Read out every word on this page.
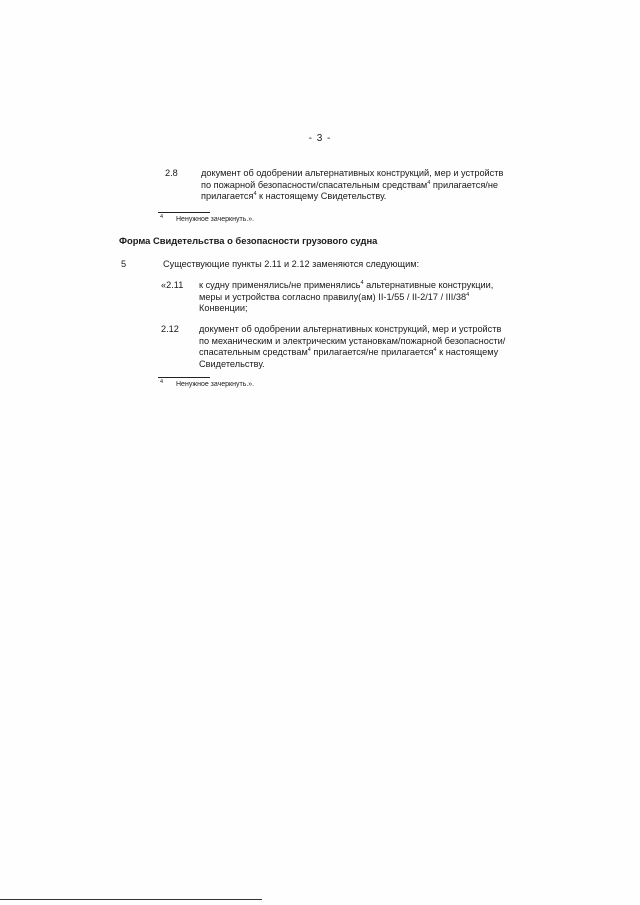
- 3 -
2.8	документ об одобрении альтернативных конструкций, мер и устройств

по пожарной безопасности/спасательным средствам$^4$ прилагается/не

прилагается$^4$ к настоящему Свидетельству.

4 Ненужное зачеркнуть.».
Форма Свидетельства о безопасности грузового судна
5	Существующие пункты 2.11 и 2.12 заменяются следующим:
«2.11 к судну применялись/не применялись$^4$ альтернативные конструкции,

меры и устройства согласно правилу(ам) II-1/55 / II-2/17 / III/$38^4$

Конвенции;

2.12 документ об одобрении альтернативных конструкций, мер и устройств

по механическим и электрическим установкам/пожарной безопасности/

спасательным средствам$^4$ прилагается/не прилагается$^4$ к настоящему

Свидетельству.

4 Ненужное зачеркнуть.».
